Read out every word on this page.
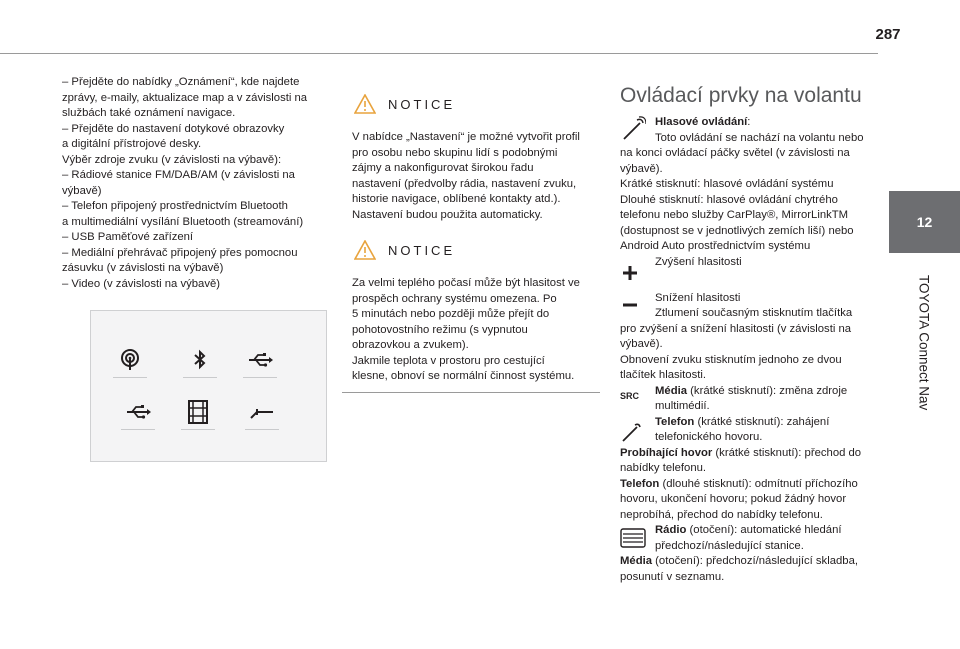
287
12
TOYOTA Connect Nav

– Přejděte do nabídky „Oznámení“, kde najdete

zprávy, e-maily, aktualizace map a v závislosti na

službách také oznámení navigace.

– Přejděte do nastavení dotykové obrazovky

a digitální přístrojové desky.

Výběr zdroje zvuku (v závislosti na výbavě):

– Rádiové stanice FM/DAB/AM (v závislosti na

výbavě)

– Telefon připojený prostřednictvím Bluetooth

a multimediální vysílání Bluetooth (streamování)

– USB Paměťové zařízení

– Mediální přehrávač připojený přes pomocnou

zásuvku (v závislosti na výbavě)

– Video (v závislosti na výbavě)

NOTICE

V nabídce „Nastavení“ je možné vytvořit profil

pro osobu nebo skupinu lidí s podobnými

zájmy a nakonfigurovat širokou řadu

nastavení (předvolby rádia, nastavení zvuku,

historie navigace, oblíbené kontakty atd.).

Nastavení budou použita automaticky.

NOTICE

Za velmi teplého počasí může být hlasitost ve

prospěch ochrany systému omezena. Po

5 minutách nebo později může přejít do

pohotovostního režimu (s vypnutou

obrazovkou a zvukem).

Jakmile teplota v prostoru pro cestující

klesne, obnoví se normální činnost systému.

Ovládací prvky na volantu

Hlasové ovládání:

Toto ovládání se nachází na volantu nebo

na konci ovládací páčky světel (v závislosti na

výbavě).

Krátké stisknutí: hlasové ovládání systému

Dlouhé stisknutí: hlasové ovládání chytrého

telefonu nebo služby CarPlay®, MirrorLinkTM

(dostupnost se v jednotlivých zemích liší) nebo

Android Auto prostřednictvím systému

Zvýšení hlasitosti

Snížení hlasitosti

Ztlumení současným stisknutím tlačítka

pro zvýšení a snížení hlasitosti (v závislosti na

výbavě).

Obnovení zvuku stisknutím jednoho ze dvou

tlačítek hlasitosti.

SRC Média (krátké stisknutí): změna zdroje

multimédií.

Telefon (krátké stisknutí): zahájení

telefonického hovoru.

Probíhající hovor (krátké stisknutí): přechod do

nabídky telefonu.

Telefon (dlouhé stisknutí): odmítnutí příchozího

hovoru, ukončení hovoru; pokud žádný hovor

neprobíhá, přechod do nabídky telefonu.

Rádio (otočení): automatické hledání

předchozí/následující stanice.

Média (otočení): předchozí/následující skladba,

posunutí v seznamu.
